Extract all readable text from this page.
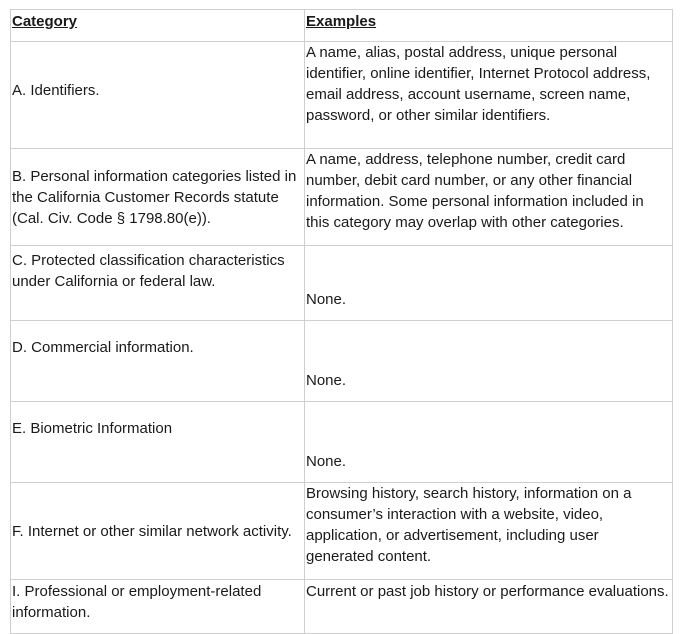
Category	Examples
A. Identifiers.	A name, alias, postal address, unique personal identifier, online identifier, Internet Protocol address, email address, account username, screen name, password, or other similar identifiers.
B. Personal information categories listed in the California Customer Records statute (Cal. Civ. Code § 1798.80(e)).	A name, address, telephone number, credit card number, debit card number, or any other financial information. Some personal information included in this category may overlap with other categories.
C. Protected classification characteristics under California or federal law.	None.
D. Commercial information.	None.
E. Biometric Information	None.
F. Internet or other similar network activity.	Browsing history, search history, information on a consumer’s interaction with a website, video, application, or advertisement, including user generated content.
I. Professional or employment-related information.	Current or past job history or performance evaluations.
